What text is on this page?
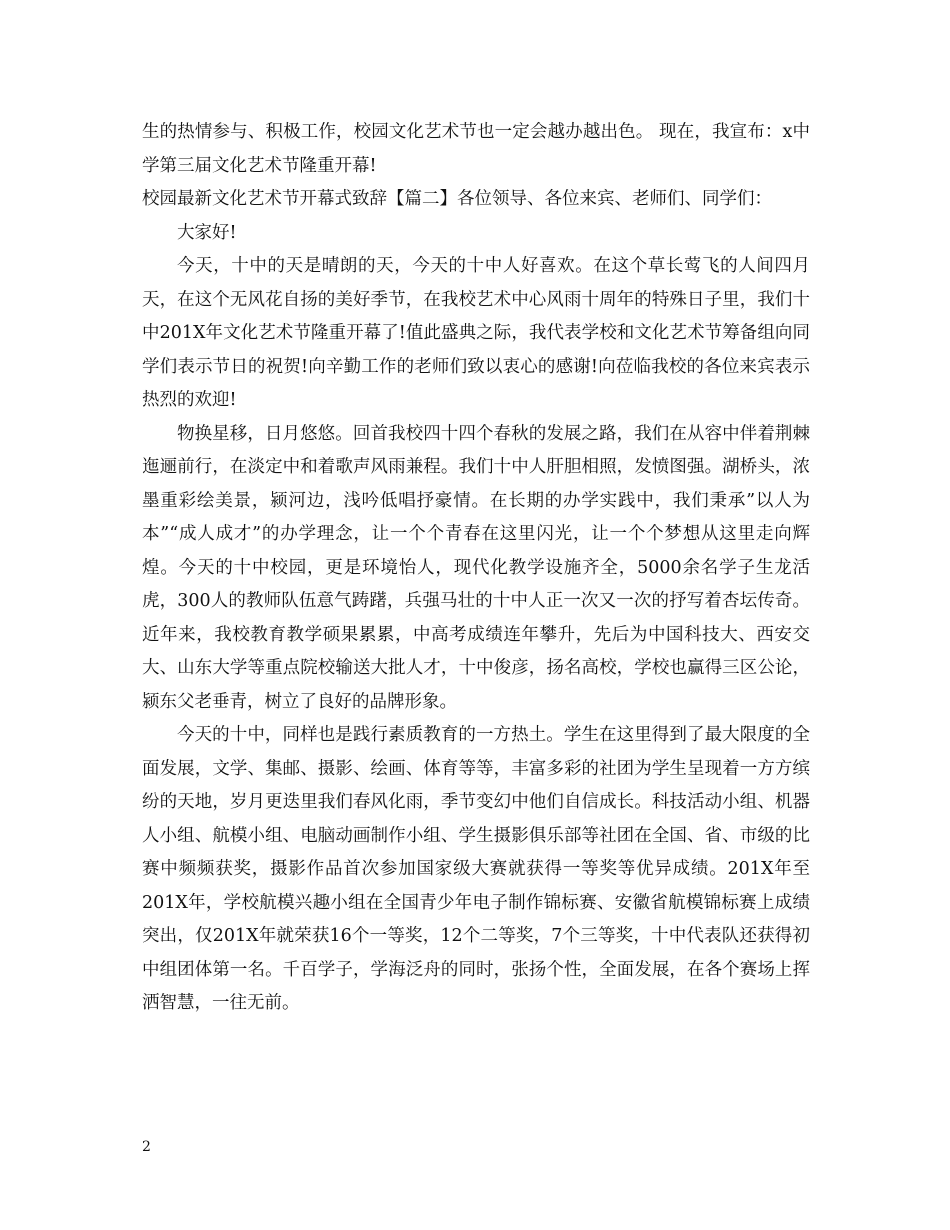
生的热情参与、积极工作，校园文化艺术节也一定会越办越出色。 现在，我宣布：x中学第三届文化艺术节隆重开幕!

校园最新文化艺术节开幕式致辞【篇二】各位领导、各位来宾、老师们、同学们：

大家好!

今天，十中的天是晴朗的天，今天的十中人好喜欢。在这个草长莺飞的人间四月天，在这个无风花自扬的美好季节，在我校艺术中心风雨十周年的特殊日子里，我们十中201X年文化艺术节隆重开幕了!值此盛典之际，我代表学校和文化艺术节筹备组向同学们表示节日的祝贺!向辛勤工作的老师们致以衷心的感谢!向莅临我校的各位来宾表示热烈的欢迎!

物换星移，日月悠悠。回首我校四十四个春秋的发展之路，我们在从容中伴着荆棘迤逦前行，在淡定中和着歌声风雨兼程。我们十中人肝胆相照，发愤图强。湖桥头，浓墨重彩绘美景，颍河边，浅吟低唱抒豪情。在长期的办学实践中，我们秉承”以人为本”“成人成才”的办学理念，让一个个青春在这里闪光，让一个个梦想从这里走向辉煌。今天的十中校园，更是环境怡人，现代化教学设施齐全，5000余名学子生龙活虎，300人的教师队伍意气踌躇，兵强马壮的十中人正一次又一次的抒写着杏坛传奇。近年来，我校教育教学硕果累累，中高考成绩连年攀升，先后为中国科技大、西安交大、山东大学等重点院校输送大批人才，十中俊彦，扬名高校，学校也赢得三区公论，颍东父老垂青，树立了良好的品牌形象。

今天的十中，同样也是践行素质教育的一方热土。学生在这里得到了最大限度的全面发展，文学、集邮、摄影、绘画、体育等等，丰富多彩的社团为学生呈现着一方方缤纷的天地，岁月更迭里我们春风化雨，季节变幻中他们自信成长。科技活动小组、机器人小组、航模小组、电脑动画制作小组、学生摄影俱乐部等社团在全国、省、市级的比赛中频频获奖，摄影作品首次参加国家级大赛就获得一等奖等优异成绩。201X年至201X年，学校航模兴趣小组在全国青少年电子制作锦标赛、安徽省航模锦标赛上成绩突出，仅201X年就荣获16个一等奖，12个二等奖，7个三等奖，十中代表队还获得初中组团体第一名。千百学子，学海泛舟的同时，张扬个性，全面发展，在各个赛场上挥洒智慧，一往无前。

2
